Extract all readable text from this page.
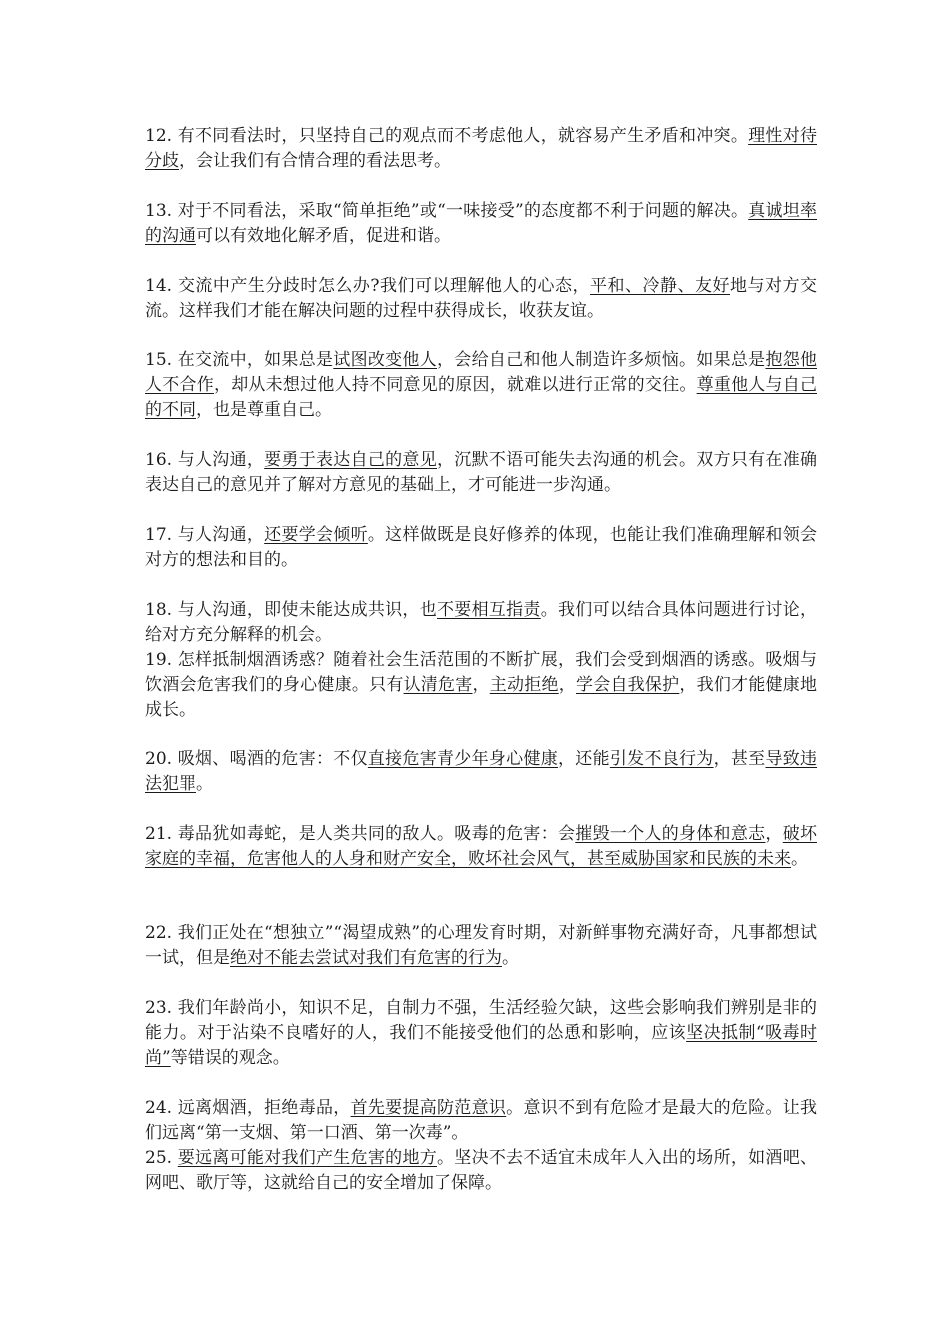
12. 有不同看法时，只坚持自己的观点而不考虑他人，就容易产生矛盾和冲突。理性对待分歧，会让我们有合情合理的看法思考。

13. 对于不同看法，采取“简单拒绝”或“一味接受”的态度都不利于问题的解决。真诚坦率的沟通可以有效地化解矛盾，促进和谐。

14. 交流中产生分歧时怎么办?我们可以理解他人的心态，平和、冷静、友好地与对方交流。这样我们才能在解决问题的过程中获得成长，收获友谊。

15. 在交流中，如果总是试图改变他人，会给自己和他人制造许多烦恼。如果总是抱怨他人不合作，却从未想过他人持不同意见的原因，就难以进行正常的交往。尊重他人与自己的不同，也是尊重自己。

16. 与人沟通，要勇于表达自己的意见，沉默不语可能失去沟通的机会。双方只有在准确表达自己的意见并了解对方意见的基础上，才可能进一步沟通。

17. 与人沟通，还要学会倾听。这样做既是良好修养的体现，也能让我们准确理解和领会对方的想法和目的。

18. 与人沟通，即使未能达成共识，也不要相互指责。我们可以结合具体问题进行讨论，给对方充分解释的机会。

19. 怎样抵制烟酒诱惑？随着社会生活范围的不断扩展，我们会受到烟酒的诱惑。吸烟与饮酒会危害我们的身心健康。只有认清危害，主动拒绝，学会自我保护，我们才能健康地成长。

20. 吸烟、喝酒的危害：不仅直接危害青少年身心健康，还能引发不良行为，甚至导致违法犯罪。

21. 毒品犹如毒蛇，是人类共同的敌人。吸毒的危害：会摧毁一个人的身体和意志，破坏家庭的幸福，危害他人的人身和财产安全，败坏社会风气，甚至威胁国家和民族的未来。

22. 我们正处在“想独立”“渴望成熟”的心理发育时期，对新鲜事物充满好奇，凡事都想试一试，但是绝对不能去尝试对我们有危害的行为。

23. 我们年龄尚小，知识不足，自制力不强，生活经验欠缺，这些会影响我们辨别是非的能力。对于沾染不良嗜好的人，我们不能接受他们的怂恿和影响，应该坚决抵制“吸毒时尚”等错误的观念。

24. 远离烟酒，拒绝毒品，首先要提高防范意识。意识不到有危险才是最大的危险。让我们远离“第一支烟、第一口酒、第一次毒”。

25. 要远离可能对我们产生危害的地方。坚决不去不适宜未成年人入出的场所，如酒吧、网吧、歌厅等，这就给自己的安全增加了保障。
